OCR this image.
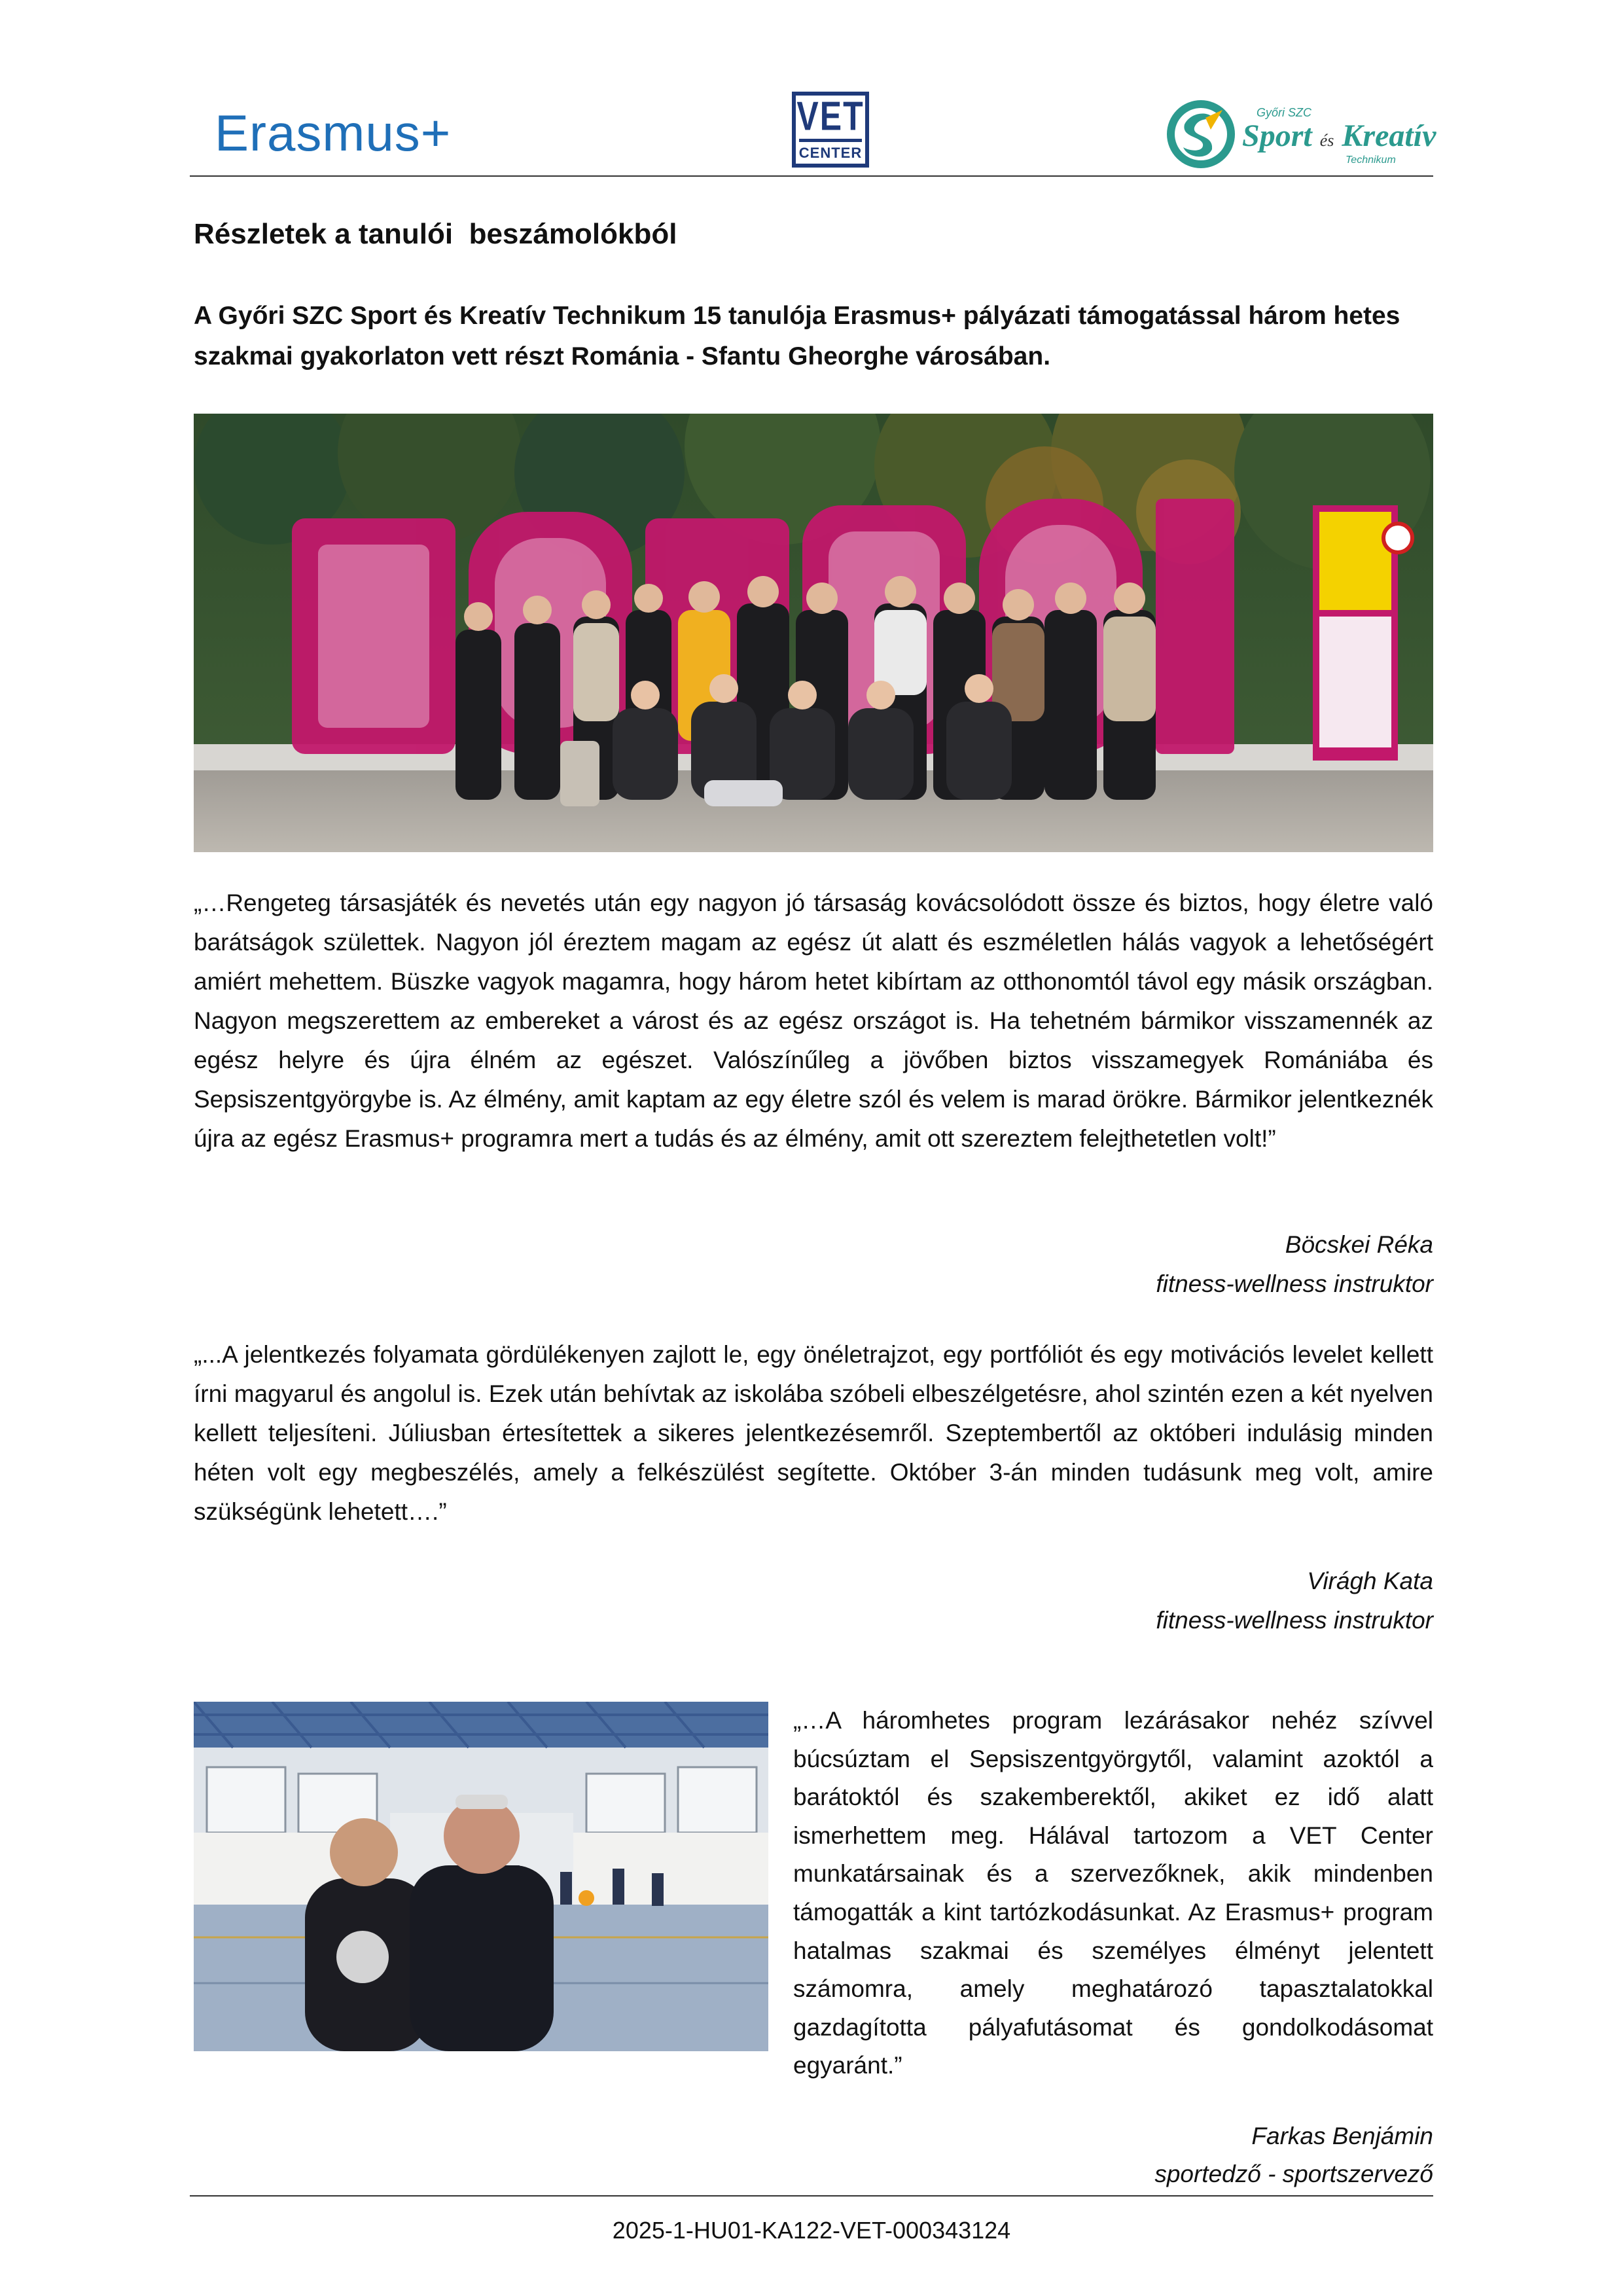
Erasmus+	VET
CENTER
Győri SZC
Sport és Kreatív
Technikum
Részletek a tanulói  beszámolókból
A Győri SZC Sport és Kreatív Technikum 15 tanulója Erasmus+ pályázati támogatással három hetes szakmai gyakorlaton vett részt Románia - Sfantu Gheorghe városában.
„…Rengeteg társasjáték és nevetés után egy nagyon jó társaság kovácsolódott össze és biztos, hogy életre való barátságok születtek. Nagyon jól éreztem magam az egész út alatt és eszméletlen hálás vagyok a lehetőségért amiért mehettem. Büszke vagyok magamra, hogy három hetet kibírtam az otthonomtól távol egy másik országban. Nagyon megszerettem az embereket a várost és az egész országot is. Ha tehetném bármikor visszamennék az egész helyre és újra élném az egészet. Valószínűleg a jövőben biztos visszamegyek Romániába és Sepsiszentgyörgybe is. Az élmény, amit kaptam az egy életre szól és velem is marad örökre. Bármikor jelentkeznék újra az egész Erasmus+ programra mert a tudás és az élmény, amit ott szereztem felejthetetlen volt!”
Böcskei Réka
fitness-wellness instruktor
„...A jelentkezés folyamata gördülékenyen zajlott le, egy önéletrajzot, egy portfóliót és egy motivációs levelet kellett írni magyarul és angolul is. Ezek után behívtak az iskolába szóbeli elbeszélgetésre, ahol szintén ezen a két nyelven kellett teljesíteni. Júliusban értesítettek a sikeres jelentkezésemről. Szeptembertől az októberi indulásig minden héten volt egy megbeszélés, amely a felkészülést segítette. Október 3-án minden tudásunk meg volt, amire szükségünk lehetett….”
Virágh Kata
fitness-wellness instruktor
„…A háromhetes program lezárásakor nehéz szívvel búcsúztam el Sepsiszentgyörgytől, valamint azoktól a barátoktól és szakemberektől, akiket ez idő alatt ismerhettem meg. Hálával tartozom a VET Center munkatársainak és a szervezőknek, akik mindenben támogatták a kint tartózkodásunkat. Az Erasmus+ program hatalmas szakmai és személyes élményt jelentett számomra, amely meghatározó tapasztalatokkal gazdagította pályafutásomat és gondolkodásomat egyaránt.”
Farkas Benjámin
sportedző - sportszervező
2025-1-HU01-KA122-VET-000343124
